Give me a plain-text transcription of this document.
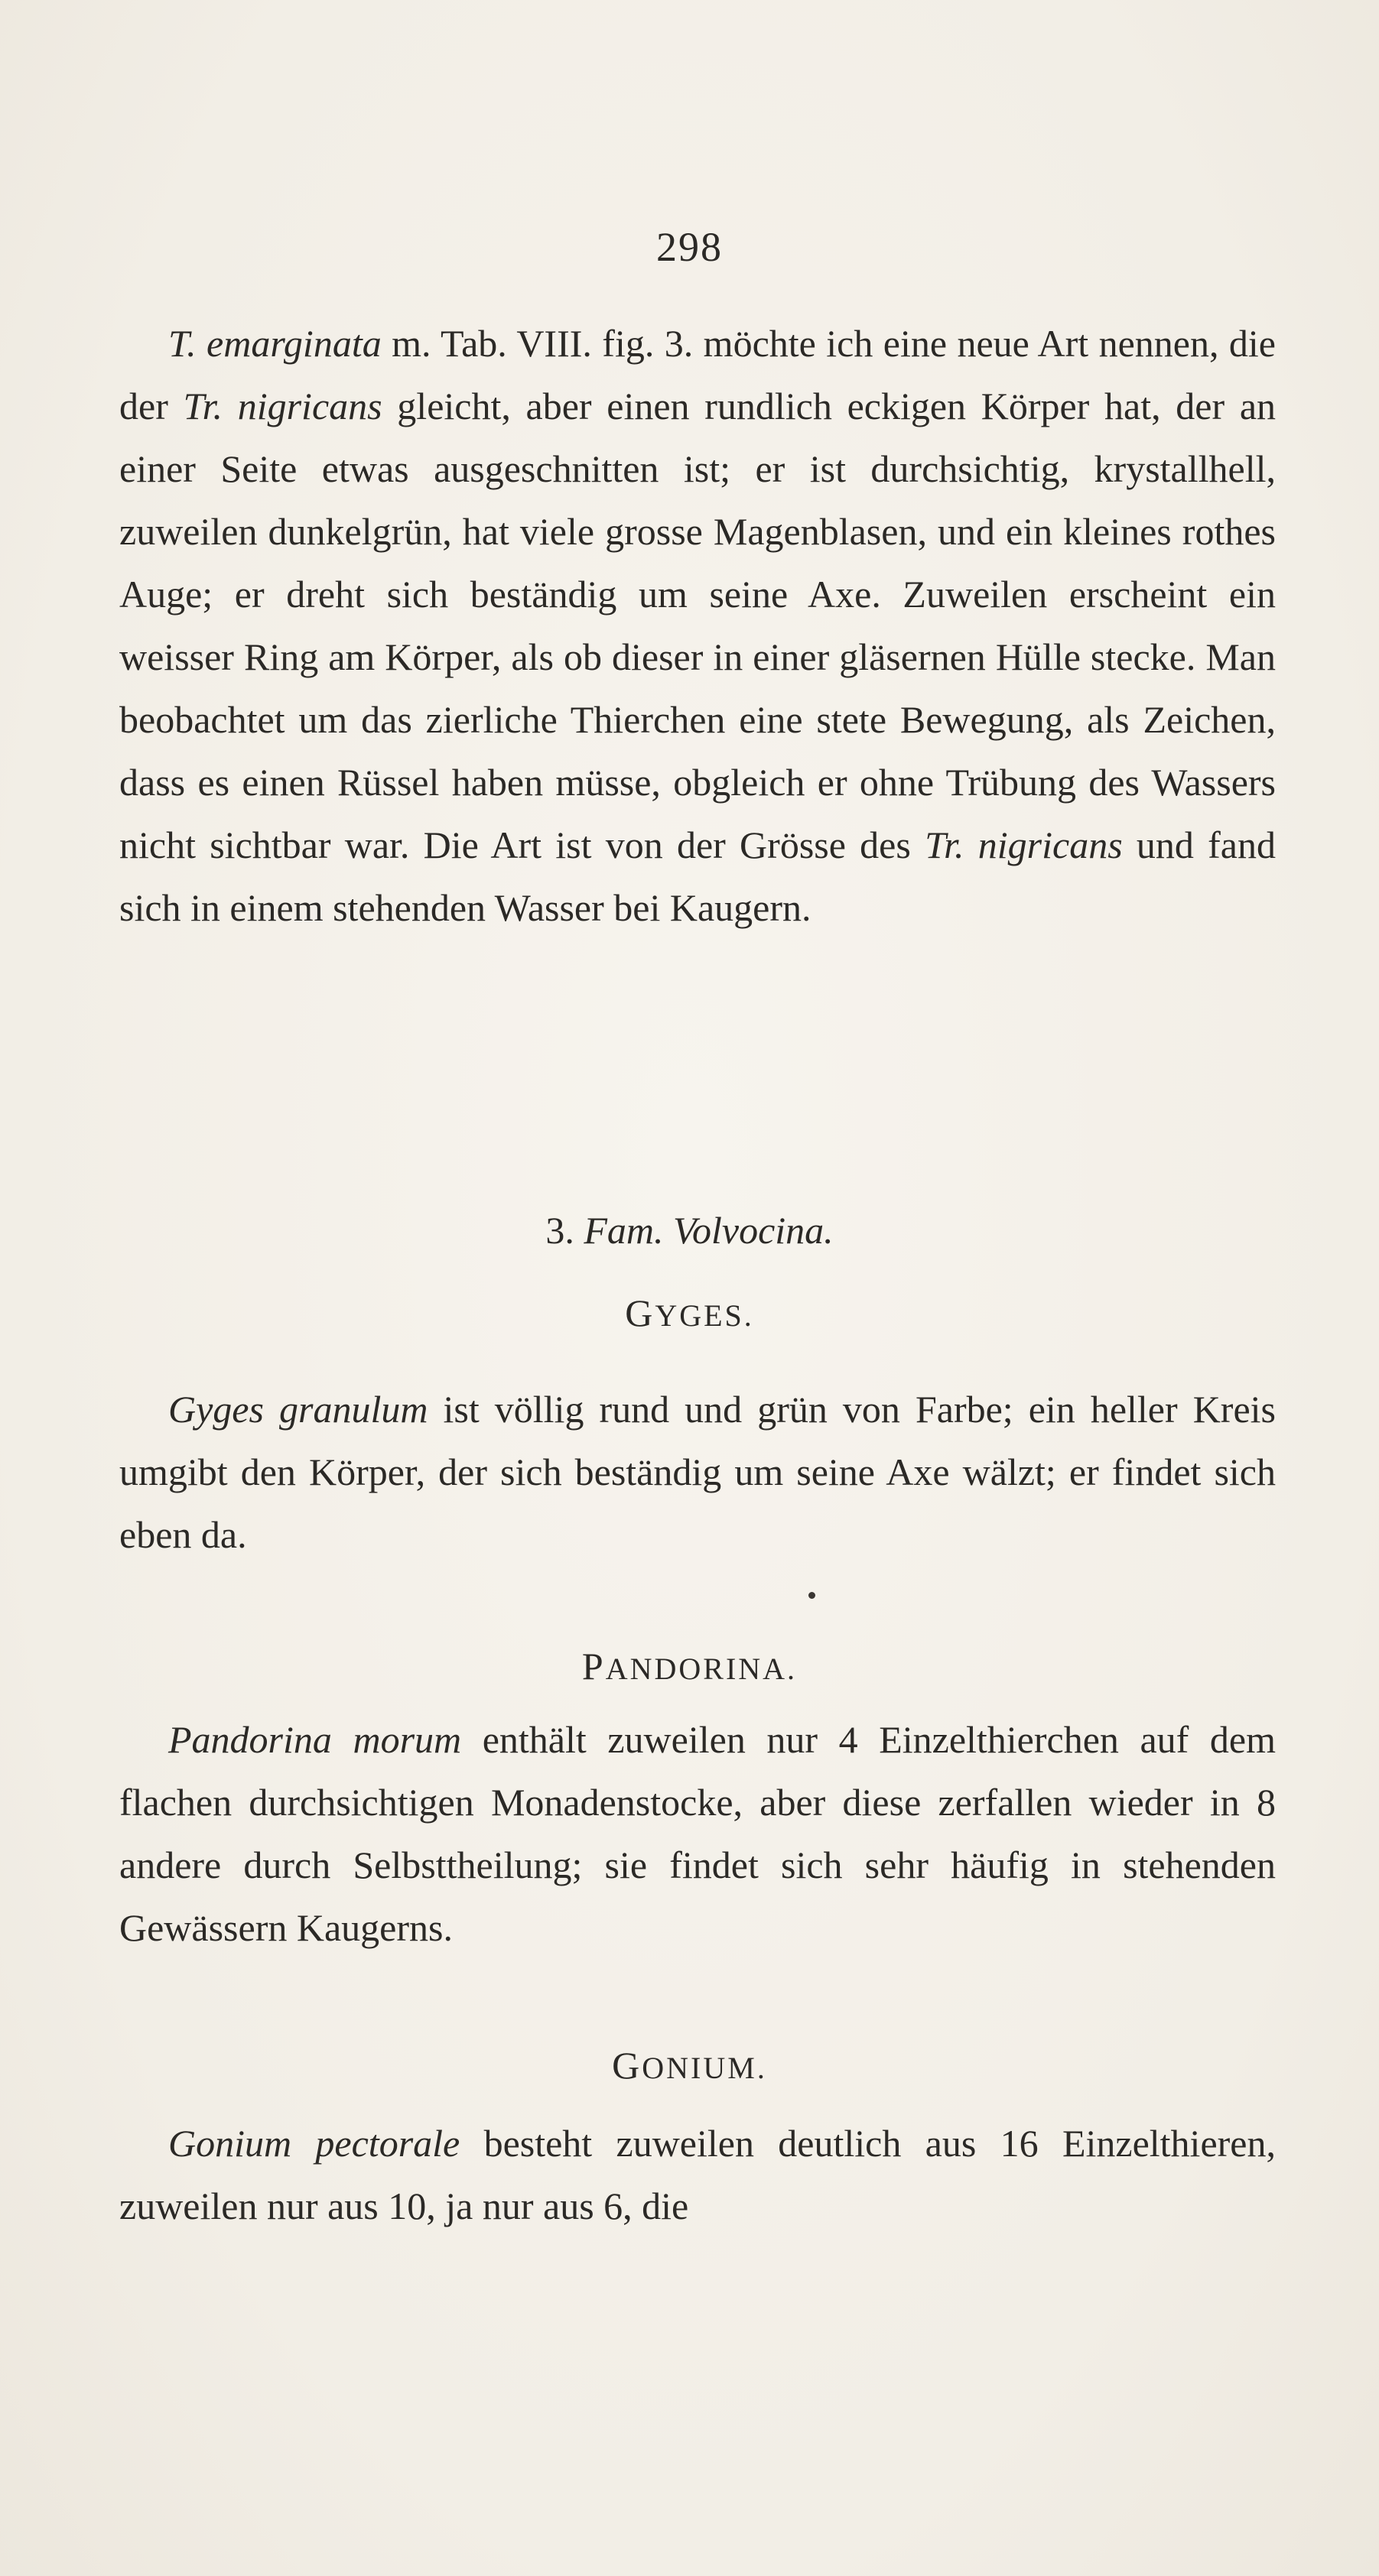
298

T. emarginata m. Tab. VIII. fig. 3. möchte ich eine neue Art nennen, die der Tr. nigricans gleicht, aber einen rundlich eckigen Körper hat, der an einer Seite etwas ausgeschnitten ist; er ist durchsichtig, krystallhell, zuweilen dunkelgrün, hat viele grosse Magenblasen, und ein kleines rothes Auge; er dreht sich beständig um seine Axe. Zuweilen erscheint ein weisser Ring am Körper, als ob dieser in einer gläsernen Hülle stecke. Man beobachtet um das zierliche Thierchen eine stete Bewegung, als Zeichen, dass es einen Rüssel haben müsse, obgleich er ohne Trübung des Wassers nicht sichtbar war. Die Art ist von der Grösse des Tr. nigricans und fand sich in einem stehenden Wasser bei Kaugern.

3. Fam. Volvocina.
GYGES.

Gyges granulum ist völlig rund und grün von Farbe; ein heller Kreis umgibt den Körper, der sich beständig um seine Axe wälzt; er findet sich eben da.

PANDORINA.

Pandorina morum enthält zuweilen nur 4 Einzelthierchen auf dem flachen durchsichtigen Monadenstocke, aber diese zerfallen wieder in 8 andere durch Selbsttheilung; sie findet sich sehr häufig in stehenden Gewässern Kaugerns.

GONIUM.

Gonium pectorale besteht zuweilen deutlich aus 16 Einzelthieren, zuweilen nur aus 10, ja nur aus 6, die
